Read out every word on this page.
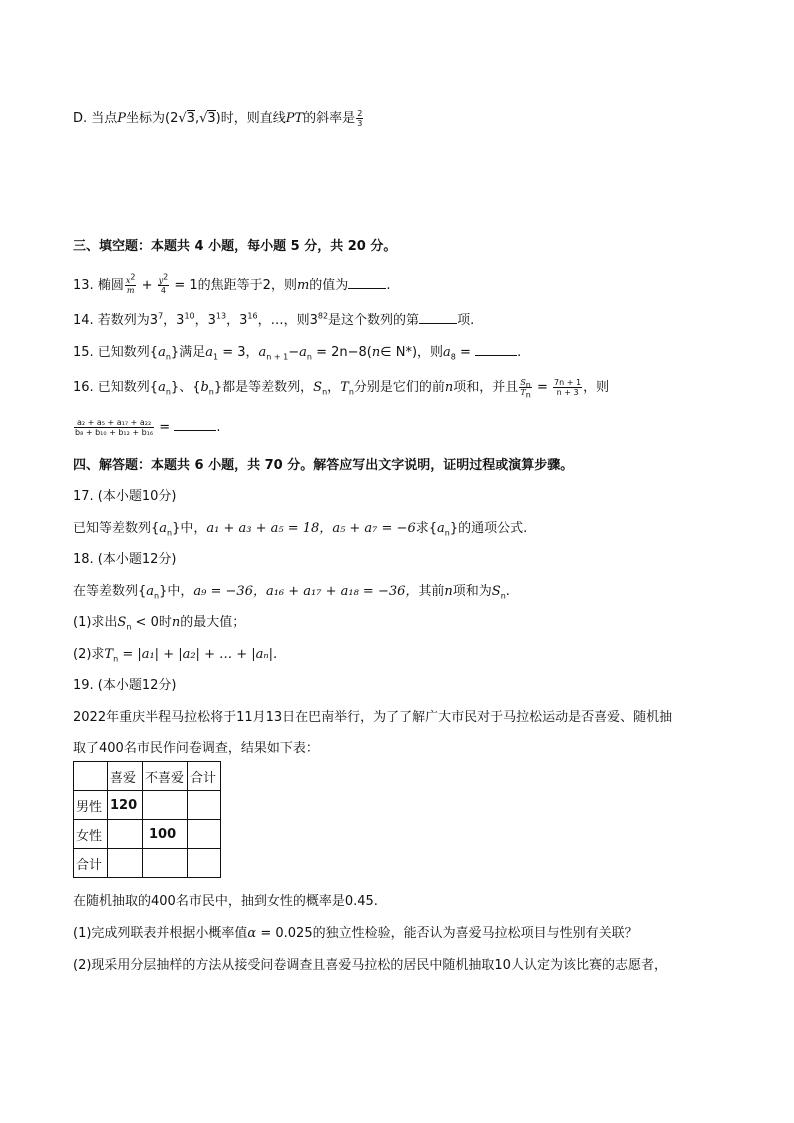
D. 当点P坐标为(2√3,√3)时，则直线PT的斜率是 $\frac{2}{3}$
三、填空题：本题共 4 小题，每小题 5 分，共 20 分。
13. 椭圆 $\frac{x^2}{m} + \frac{y^2}{4} = 1$的焦距等于2，则m的值为	.
14. 若数列为$3^7$，$3^{10}$，$3^{13}$，$3^{16}$，…，则$3^{82}$是这个数列的第	项.
15. 已知数列$\{a_n\}$满足$a_1 = 3$，$a_{n + 1}-a_n$ = 2n−8(n∈ N*)，则$a_8$ =	.
16. 已知数列$\{a_n\}$、$\{b_n\}$都是等差数列，$S_n$，$T_n$分别是它们的前n项和，并且 $\frac{S_n}{T_n} = \frac{7n + 1}{n + 3}$ ，则
$\frac{\text{a₂ + a₅ + a₁₇ + a₂₂}}{\text{b₈ + b₁₀ + b₁₂ + b₁₆}}$ =	.
四、解答题：本题共 6 小题，共 70 分。解答应写出文字说明，证明过程或演算步骤。
17. (本小题10分)
已知等差数列$\{a_n\}$中，a₁ + a₃ + a₅ = 18，a₅ + a₇ = −6求$\{a_n\}$的通项公式.
18. (本小题12分)
在等差数列$\{a_n\}$中，a₉ = −36，a₁₆ + a₁₇ + a₁₈ = −36，其前n项和为$S_n$.
(1)求出$S_n < 0$时n的最大值；
(2)求$T_n = |a_1| + |a_2|$ + … + |aₙ|.
19. (本小题12分)
2022年重庆半程马拉松将于11月13日在巴南举行，为了了解广大市民对于马拉松运动是否喜爱、随机抽
取了400名市民作问卷调查，结果如下表：
	喜爱	不喜爱	合计
男性	120		
女性		100	
合计			
在随机抽取的400名市民中，抽到女性的概率是0.45.
(1)完成列联表并根据小概率值α = 0.025的独立性检验，能否认为喜爱马拉松项目与性别有关联？
(2)现采用分层抽样的方法从接受问卷调查且喜爱马拉松的居民中随机抽取10人认定为该比赛的志愿者，
